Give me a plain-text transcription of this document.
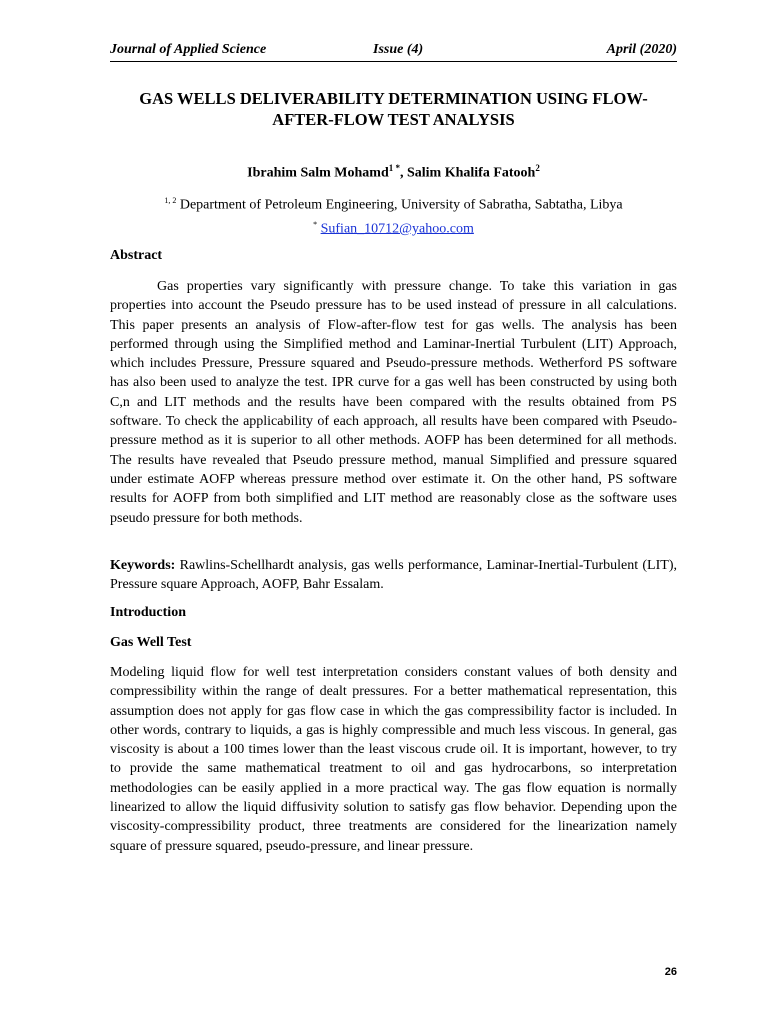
Journal of Applied Science	Issue (4)	April (2020)
GAS WELLS DELIVERABILITY DETERMINATION USING FLOW-AFTER-FLOW TEST ANALYSIS
Ibrahim Salm Mohamd$^{1 *}$, Salim Khalifa Fatooh$^2$
$^{1, 2}$ Department of Petroleum Engineering, University of Sabratha, Sabtatha, Libya
* Sufian_10712@yahoo.com
Abstract
Gas properties vary significantly with pressure change. To take this variation in gas properties into account the Pseudo pressure has to be used instead of pressure in all calculations. This paper presents an analysis of Flow-after-flow test for gas wells. The analysis has been performed through using the Simplified method and Laminar-Inertial Turbulent (LIT) Approach, which includes Pressure, Pressure squared and Pseudo-pressure methods. Wetherford PS software has also been used to analyze the test. IPR curve for a gas well has been constructed by using both C,n and LIT methods and the results have been compared with the results obtained from PS software. To check the applicability of each approach, all results have been compared with Pseudo-pressure method as it is superior to all other methods. AOFP has been determined for all methods. The results have revealed that Pseudo pressure method, manual Simplified and pressure squared under estimate AOFP whereas pressure method over estimate it. On the other hand, PS software results for AOFP from both simplified and LIT method are reasonably close as the software uses pseudo pressure for both methods.
Keywords: Rawlins-Schellhardt analysis, gas wells performance, Laminar-Inertial-Turbulent (LIT), Pressure square Approach, AOFP, Bahr Essalam.
Introduction
Gas Well Test
Modeling liquid flow for well test interpretation considers constant values of both density and compressibility within the range of dealt pressures. For a better mathematical representation, this assumption does not apply for gas flow case in which the gas compressibility factor is included. In other words, contrary to liquids, a gas is highly compressible and much less viscous. In general, gas viscosity is about a 100 times lower than the least viscous crude oil. It is important, however, to try to provide the same mathematical treatment to oil and gas hydrocarbons, so interpretation methodologies can be easily applied in a more practical way. The gas flow equation is normally linearized to allow the liquid diffusivity solution to satisfy gas flow behavior. Depending upon the viscosity-compressibility product, three treatments are considered for the linearization namely square of pressure squared, pseudo-pressure, and linear pressure.
26
